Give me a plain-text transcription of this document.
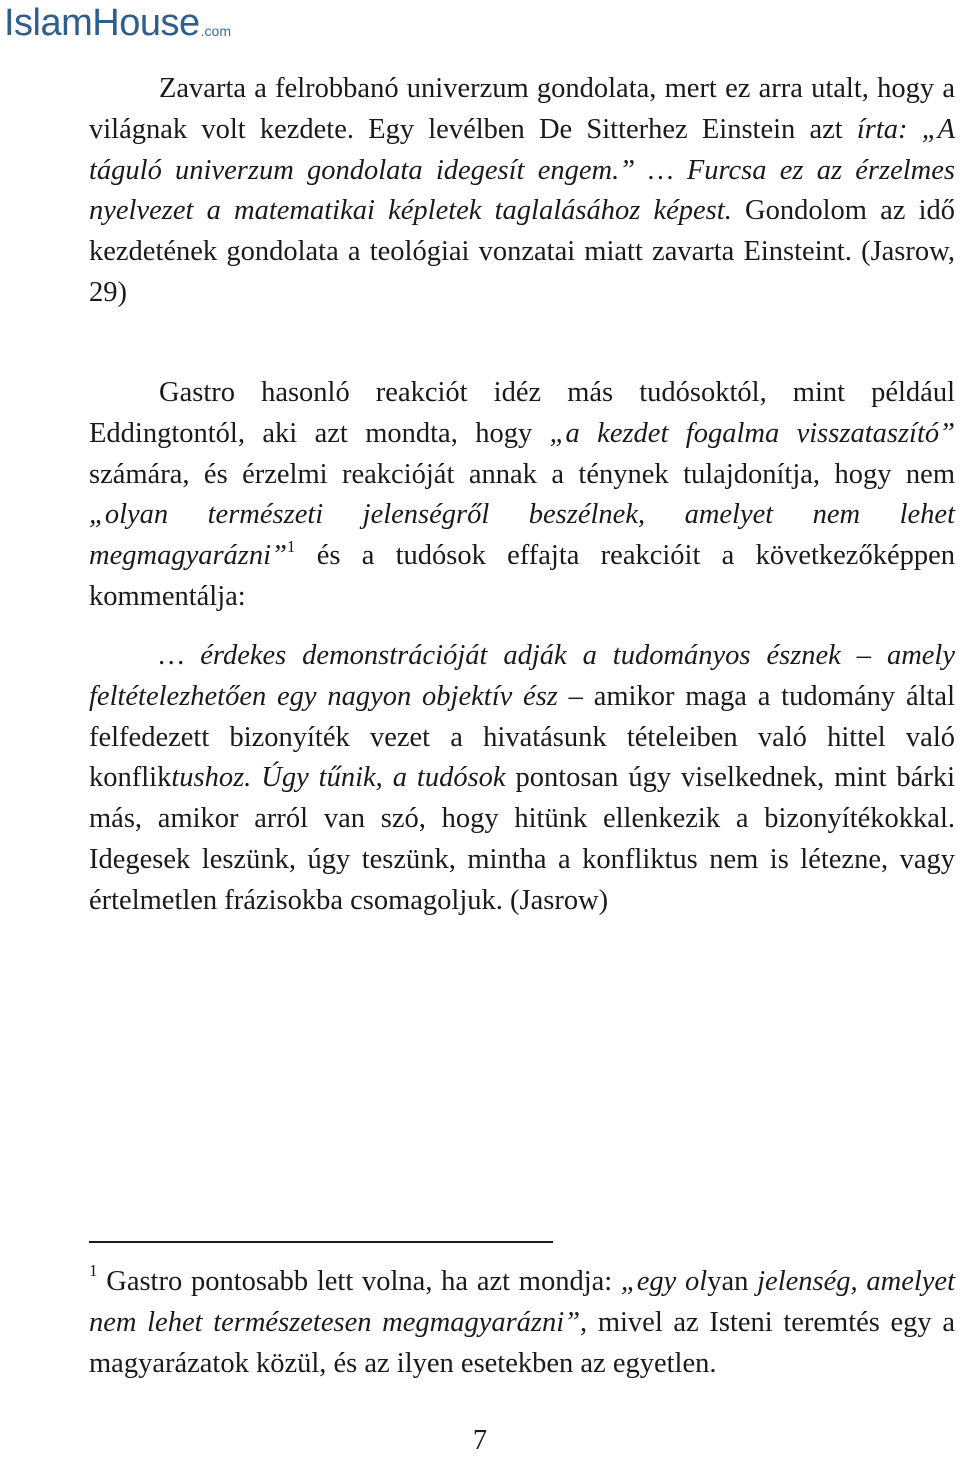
IslamHouse .com

Zavarta a felrobbanó univerzum gondolata, mert ez arra utalt, hogy a világnak volt kezdete. Egy levélben De Sitterhez Einstein azt írta: „A táguló univerzum gondolata idegesít engem.” … Furcsa ez az érzelmes nyelvezet a matematikai képletek taglalásához képest. Gondolom az idő kezdetének gondolata a teológiai vonzatai miatt zavarta Einsteint. (Jasrow, 29)

Gastro hasonló reakciót idéz más tudósoktól, mint például Eddingtontól, aki azt mondta, hogy „a kezdet fogalma visszataszító” számára, és érzelmi reakcióját annak a ténynek tulajdonítja, hogy nem „olyan természeti jelenségről beszélnek, amelyet nem lehet megmagyarázni”$^1$ és a tudósok effajta reakcióit a következőképpen kommentálja:

… érdekes demonstrációját adják a tudományos észnek – amely feltételezhetően egy nagyon objektív ész – amikor maga a tudomány által felfedezett bizonyíték vezet a hivatásunk tételeiben való hittel való konfliktushoz. Úgy tűnik, a tudósok pontosan úgy viselkednek, mint bárki más, amikor arról van szó, hogy hitünk ellenkezik a bizonyítékokkal. Idegesek leszünk, úgy teszünk, mintha a konfliktus nem is létezne, vagy értelmetlen frázisokba csomagoljuk. (Jasrow)

$^1$ Gastro pontosabb lett volna, ha azt mondja: „egy olyan jelenség, amelyet nem lehet természetesen megmagyarázni”, mivel az Isteni teremtés egy a magyarázatok közül, és az ilyen esetekben az egyetlen.

7
